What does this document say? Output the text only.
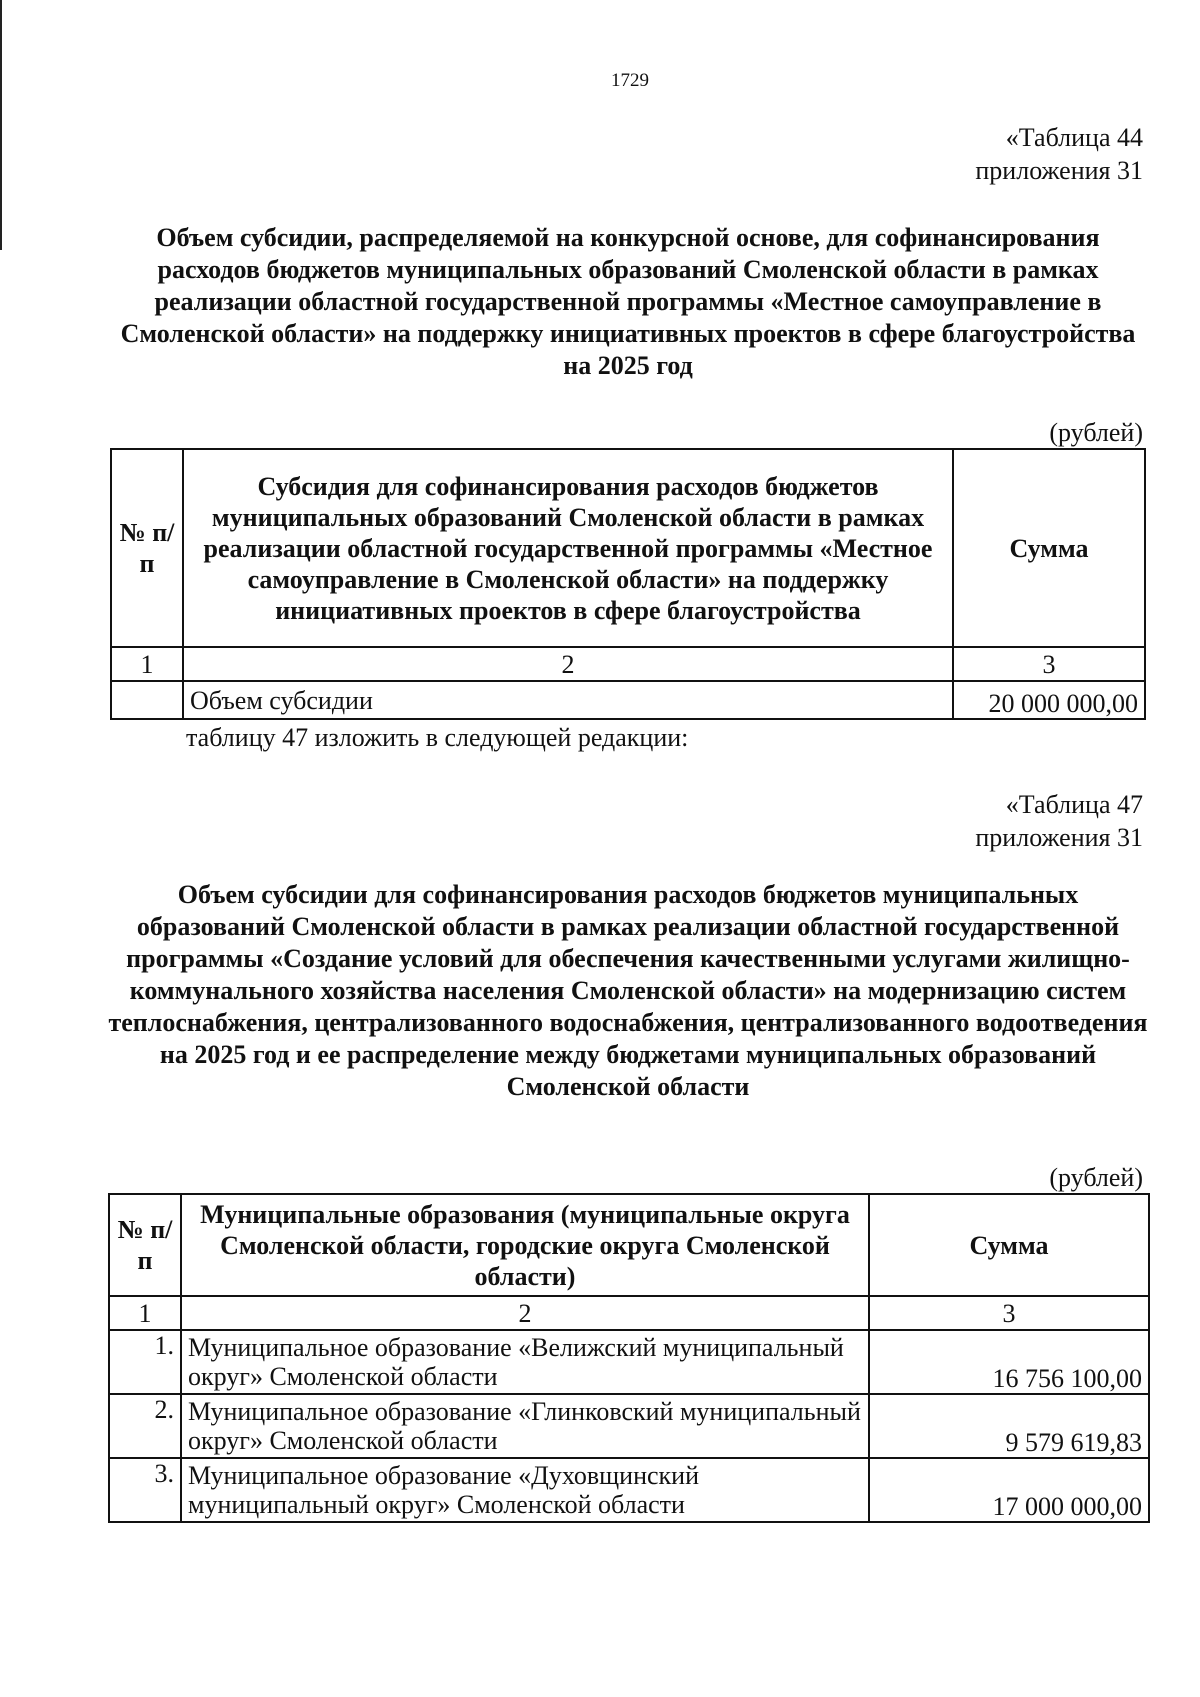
1729
«Таблица 44
приложения 31
Объем субсидии, распределяемой на конкурсной основе, для софинансирования расходов бюджетов муниципальных образований Смоленской области в рамках реализации областной государственной программы «Местное самоуправление в Смоленской области» на поддержку инициативных проектов в сфере благоустройства на 2025 год
(рублей)
№ п/п	Субсидия для софинансирования расходов бюджетов муниципальных образований Смоленской области в рамках реализации областной государственной программы «Местное самоуправление в Смоленской области» на поддержку инициативных проектов в сфере благоустройства	Сумма
1	2	3
	Объем субсидии	20 000 000,00
таблицу 47 изложить в следующей редакции:
«Таблица 47
приложения 31
Объем субсидии для софинансирования расходов бюджетов муниципальных образований Смоленской области в рамках реализации областной государственной программы «Создание условий для обеспечения качественными услугами жилищно-коммунального хозяйства населения Смоленской области» на модернизацию систем теплоснабжения, централизованного водоснабжения, централизованного водоотведения на 2025 год и ее распределение между бюджетами муниципальных образований Смоленской области
(рублей)
№ п/п	Муниципальные образования (муниципальные округа Смоленской области, городские округа Смоленской области)	Сумма
1	2	3
1.	Муниципальное образование «Велижский муниципальный округ» Смоленской области	16 756 100,00
2.	Муниципальное образование «Глинковский муниципальный округ» Смоленской области	9 579 619,83
3.	Муниципальное образование «Духовщинский муниципальный округ» Смоленской области	17 000 000,00
